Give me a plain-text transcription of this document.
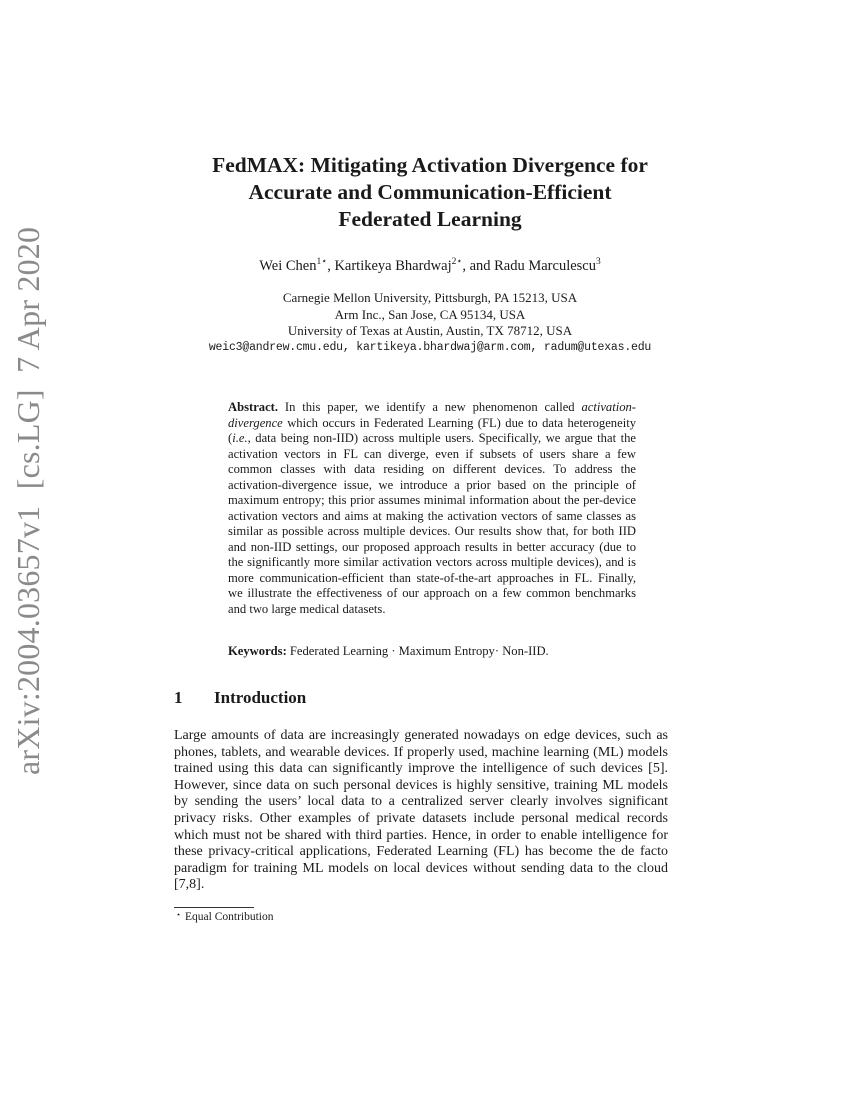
arXiv:2004.03657v1  [cs.LG]  7 Apr 2020
FedMAX: Mitigating Activation Divergence for
Accurate and Communication-Efficient
Federated Learning
Wei Chen$^{1⋆}$, Kartikeya Bhardwaj$^{2⋆}$, and Radu Marculescu$^3$
Carnegie Mellon University, Pittsburgh, PA 15213, USA
Arm Inc., San Jose, CA 95134, USA
University of Texas at Austin, Austin, TX 78712, USA
weic3@andrew.cmu.edu, kartikeya.bhardwaj@arm.com, radum@utexas.edu
Abstract. In this paper, we identify a new phenomenon called activation-divergence which occurs in Federated Learning (FL) due to data heterogeneity (i.e., data being non-IID) across multiple users. Specifically, we argue that the activation vectors in FL can diverge, even if subsets of users share a few common classes with data residing on different devices. To address the activation-divergence issue, we introduce a prior based on the principle of maximum entropy; this prior assumes minimal information about the per-device activation vectors and aims at making the activation vectors of same classes as similar as possible across multiple devices. Our results show that, for both IID and non-IID settings, our proposed approach results in better accuracy (due to the significantly more similar activation vectors across multiple devices), and is more communication-efficient than state-of-the-art approaches in FL. Finally, we illustrate the effectiveness of our approach on a few common benchmarks and two large medical datasets.
Keywords: Federated Learning · Maximum Entropy· Non-IID.
1 Introduction
Large amounts of data are increasingly generated nowadays on edge devices, such as phones, tablets, and wearable devices. If properly used, machine learning (ML) models trained using this data can significantly improve the intelligence of such devices [5]. However, since data on such personal devices is highly sensitive, training ML models by sending the users’ local data to a centralized server clearly involves significant privacy risks. Other examples of private datasets include personal medical records which must not be shared with third parties. Hence, in order to enable intelligence for these privacy-critical applications, Federated Learning (FL) has become the de facto paradigm for training ML models on local devices without sending data to the cloud [7,8].
⋆ Equal Contribution
